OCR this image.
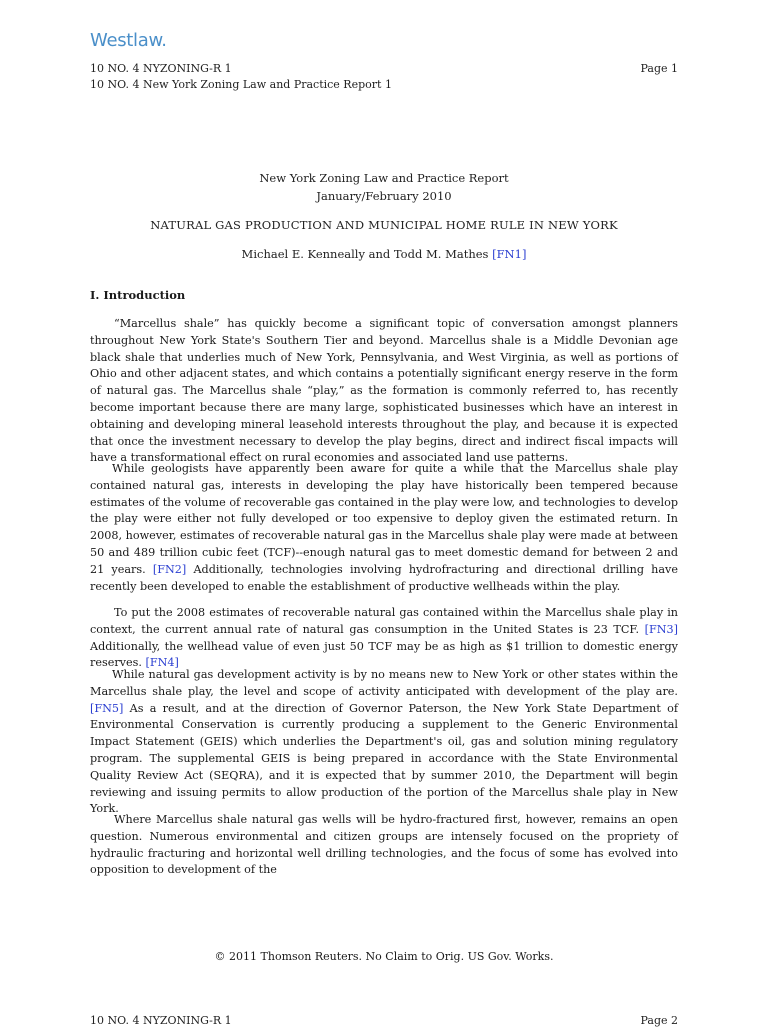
Westlaw.
10 NO. 4 NYZONING-R 1	Page 1
10 NO. 4 New York Zoning Law and Practice Report 1
New York Zoning Law and Practice Report
January/February 2010
NATURAL GAS PRODUCTION AND MUNICIPAL HOME RULE IN NEW YORK
Michael E. Kenneally and Todd M. Mathes [FN1]
I. Introduction

“Marcellus shale” has quickly become a significant topic of conversation amongst planners throughout New York State's Southern Tier and beyond. Marcellus shale is a Middle Devonian age black shale that underlies much of New York, Pennsylvania, and West Virginia, as well as portions of Ohio and other adjacent states, and which contains a potentially significant energy reserve in the form of natural gas. The Marcellus shale “play,” as the formation is commonly referred to, has recently become important because there are many large, sophisticated businesses which have an interest in obtaining and developing mineral leasehold interests throughout the play, and because it is expected that once the investment necessary to develop the play begins, direct and indirect fiscal impacts will have a transformational effect on rural economies and associated land use patterns.

While geologists have apparently been aware for quite a while that the Marcellus shale play contained natural gas, interests in developing the play have historically been tempered because estimates of the volume of recoverable gas contained in the play were low, and technologies to develop the play were either not fully developed or too expensive to deploy given the estimated return. In 2008, however, estimates of recoverable natural gas in the Marcellus shale play were made at between 50 and 489 trillion cubic feet (TCF)--enough natural gas to meet domestic demand for between 2 and 21 years. [FN2] Additionally, technologies involving hydrofracturing and directional drilling have recently been developed to enable the establishment of productive wellheads within the play.

To put the 2008 estimates of recoverable natural gas contained within the Marcellus shale play in context, the current annual rate of natural gas consumption in the United States is 23 TCF. [FN3] Additionally, the wellhead value of even just 50 TCF may be as high as $1 trillion to domestic energy reserves. [FN4]

While natural gas development activity is by no means new to New York or other states within the Marcellus shale play, the level and scope of activity anticipated with development of the play are. [FN5] As a result, and at the direction of Governor Paterson, the New York State Department of Environmental Conservation is currently producing a supplement to the Generic Environmental Impact Statement (GEIS) which underlies the Department's oil, gas and solution mining regulatory program. The supplemental GEIS is being prepared in accordance with the State Environmental Quality Review Act (SEQRA), and it is expected that by summer 2010, the Department will begin reviewing and issuing permits to allow production of the portion of the Marcellus shale play in New York.

Where Marcellus shale natural gas wells will be hydro-fractured first, however, remains an open question. Numerous environmental and citizen groups are intensely focused on the propriety of hydraulic fracturing and horizontal well drilling technologies, and the focus of some has evolved into opposition to development of the

© 2011 Thomson Reuters. No Claim to Orig. US Gov. Works.
10 NO. 4 NYZONING-R 1	Page 2
